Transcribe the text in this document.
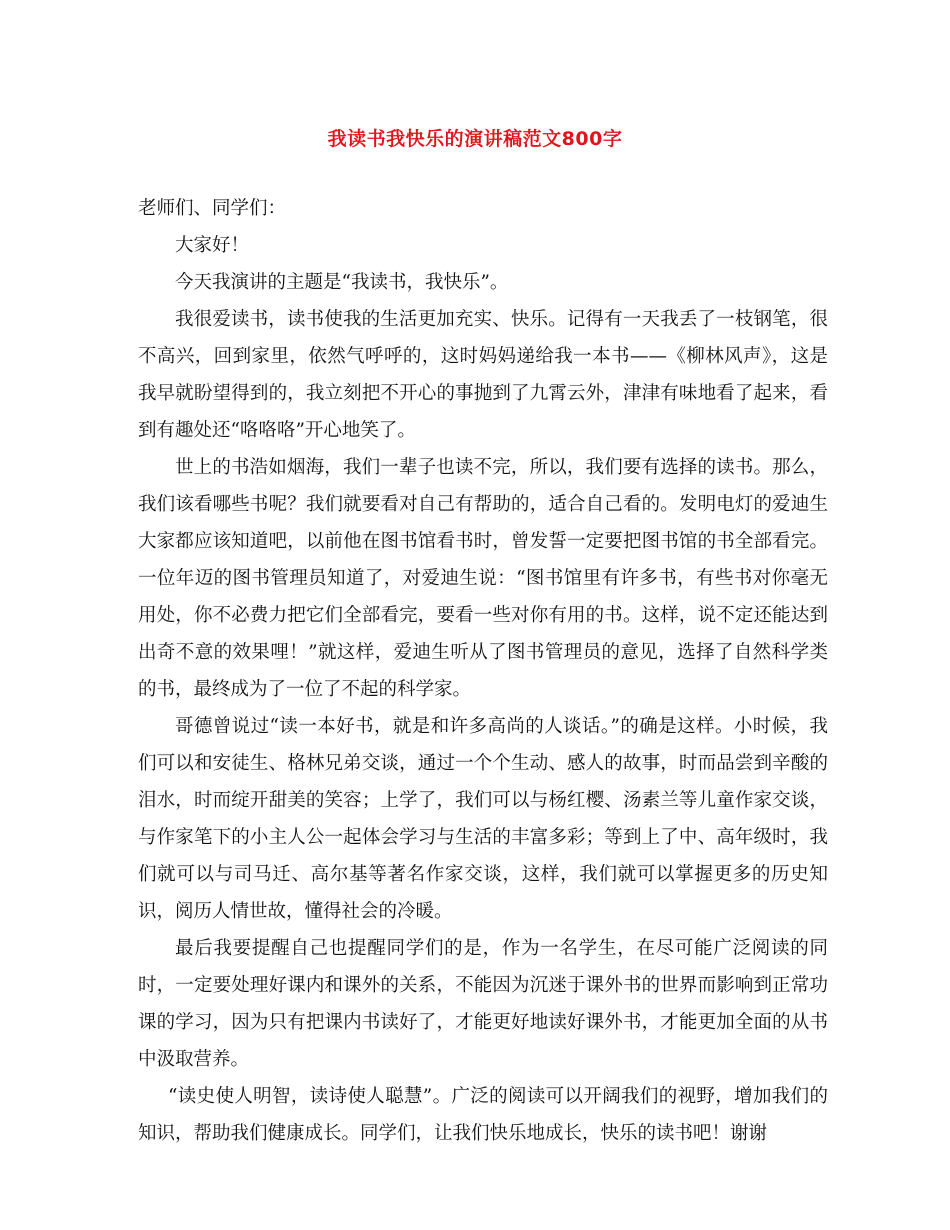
我读书我快乐的演讲稿范文800字

老师们、同学们：

大家好！

今天我演讲的主题是“我读书，我快乐”。

我很爱读书，读书使我的生活更加充实、快乐。记得有一天我丢了一枝钢笔，很不高兴，回到家里，依然气呼呼的，这时妈妈递给我一本书——《柳林风声》，这是我早就盼望得到的，我立刻把不开心的事抛到了九霄云外，津津有味地看了起来，看到有趣处还“咯咯咯”开心地笑了。

世上的书浩如烟海，我们一辈子也读不完，所以，我们要有选择的读书。那么，我们该看哪些书呢？我们就要看对自己有帮助的，适合自己看的。发明电灯的爱迪生大家都应该知道吧，以前他在图书馆看书时，曾发誓一定要把图书馆的书全部看完。一位年迈的图书管理员知道了，对爱迪生说：“图书馆里有许多书，有些书对你毫无用处，你不必费力把它们全部看完，要看一些对你有用的书。这样，说不定还能达到出奇不意的效果哩！”就这样，爱迪生听从了图书管理员的意见，选择了自然科学类的书，最终成为了一位了不起的科学家。

哥德曾说过“读一本好书，就是和许多高尚的人谈话。”的确是这样。小时候，我们可以和安徒生、格林兄弟交谈，通过一个个生动、感人的故事，时而品尝到辛酸的泪水，时而绽开甜美的笑容；上学了，我们可以与杨红樱、汤素兰等儿童作家交谈，与作家笔下的小主人公一起体会学习与生活的丰富多彩；等到上了中、高年级时，我们就可以与司马迁、高尔基等著名作家交谈，这样，我们就可以掌握更多的历史知识，阅历人情世故，懂得社会的冷暖。

最后我要提醒自己也提醒同学们的是，作为一名学生，在尽可能广泛阅读的同时，一定要处理好课内和课外的关系，不能因为沉迷于课外书的世界而影响到正常功课的学习，因为只有把课内书读好了，才能更好地读好课外书，才能更加全面的从书中汲取营养。

“读史使人明智，读诗使人聪慧”。广泛的阅读可以开阔我们的视野，增加我们的知识，帮助我们健康成长。同学们，让我们快乐地成长，快乐的读书吧！谢谢
